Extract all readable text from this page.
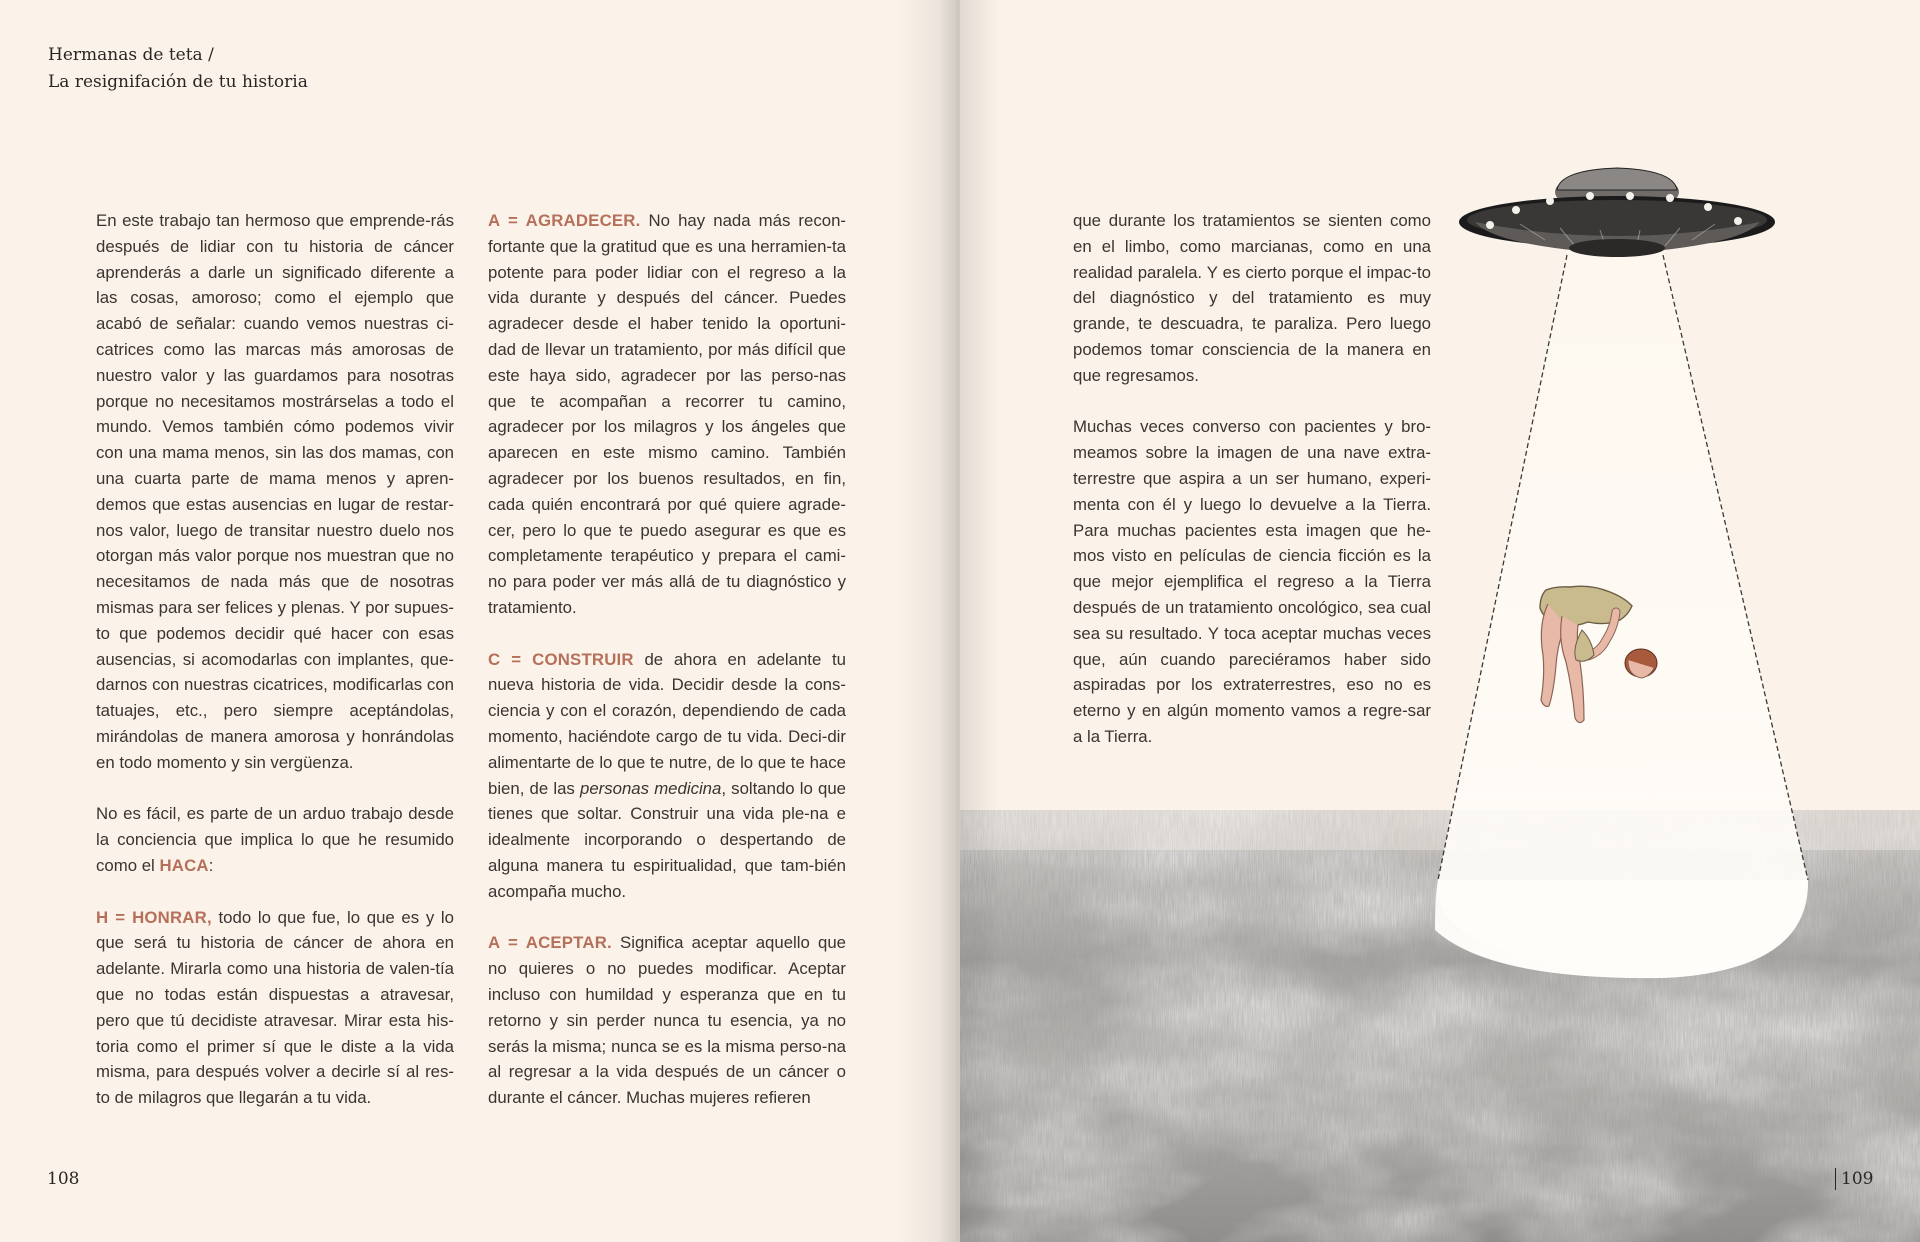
Hermanas de teta /
La resignifación de tu historia

En este trabajo tan hermoso que emprende-rás después de lidiar con tu historia de cáncer aprenderás a darle un significado diferente a las cosas, amoroso; como el ejemplo que acabó de señalar: cuando vemos nuestras ci-catrices como las marcas más amorosas de nuestro valor y las guardamos para nosotras porque no necesitamos mostrárselas a todo el mundo. Vemos también cómo podemos vivir con una mama menos, sin las dos mamas, con una cuarta parte de mama menos y apren-demos que estas ausencias en lugar de restar-nos valor, luego de transitar nuestro duelo nos otorgan más valor porque nos muestran que no necesitamos de nada más que de nosotras mismas para ser felices y plenas. Y por supues-to que podemos decidir qué hacer con esas ausencias, si acomodarlas con implantes, que-darnos con nuestras cicatrices, modificarlas con tatuajes, etc., pero siempre aceptándolas, mirándolas de manera amorosa y honrándolas en todo momento y sin vergüenza.

No es fácil, es parte de un arduo trabajo desde la conciencia que implica lo que he resumido como el HACA:

H = HONRAR, todo lo que fue, lo que es y lo que será tu historia de cáncer de ahora en adelante. Mirarla como una historia de valen-tía que no todas están dispuestas a atravesar, pero que tú decidiste atravesar. Mirar esta his-toria como el primer sí que le diste a la vida misma, para después volver a decirle sí al res-to de milagros que llegarán a tu vida.

A = AGRADECER. No hay nada más recon-fortante que la gratitud que es una herramien-ta potente para poder lidiar con el regreso a la vida durante y después del cáncer. Puedes agradecer desde el haber tenido la oportuni-dad de llevar un tratamiento, por más difícil que este haya sido, agradecer por las perso-nas que te acompañan a recorrer tu camino, agradecer por los milagros y los ángeles que aparecen en este mismo camino. También agradecer por los buenos resultados, en fin, cada quién encontrará por qué quiere agrade-cer, pero lo que te puedo asegurar es que es completamente terapéutico y prepara el cami-no para poder ver más allá de tu diagnóstico y tratamiento.

C = CONSTRUIR de ahora en adelante tu nueva historia de vida. Decidir desde la cons-ciencia y con el corazón, dependiendo de cada momento, haciéndote cargo de tu vida. Deci-dir alimentarte de lo que te nutre, de lo que te hace bien, de las personas medicina, soltando lo que tienes que soltar. Construir una vida ple-na e idealmente incorporando o despertando de alguna manera tu espiritualidad, que tam-bién acompaña mucho.

A = ACEPTAR. Significa aceptar aquello que no quieres o no puedes modificar. Aceptar incluso con humildad y esperanza que en tu retorno y sin perder nunca tu esencia, ya no serás la misma; nunca se es la misma perso-na al regresar a la vida después de un cáncer o durante el cáncer. Muchas mujeres refieren

108

que durante los tratamientos se sienten como en el limbo, como marcianas, como en una realidad paralela. Y es cierto porque el impac-to del diagnóstico y del tratamiento es muy grande, te descuadra, te paraliza. Pero luego podemos tomar consciencia de la manera en que regresamos.

Muchas veces converso con pacientes y bro-meamos sobre la imagen de una nave extra-terrestre que aspira a un ser humano, experi-menta con él y luego lo devuelve a la Tierra. Para muchas pacientes esta imagen que he-mos visto en películas de ciencia ficción es la que mejor ejemplifica el regreso a la Tierra después de un tratamiento oncológico, sea cual sea su resultado. Y toca aceptar muchas veces que, aún cuando pareciéramos haber sido aspiradas por los extraterrestres, eso no es eterno y en algún momento vamos a regre-sar a la Tierra.

109
